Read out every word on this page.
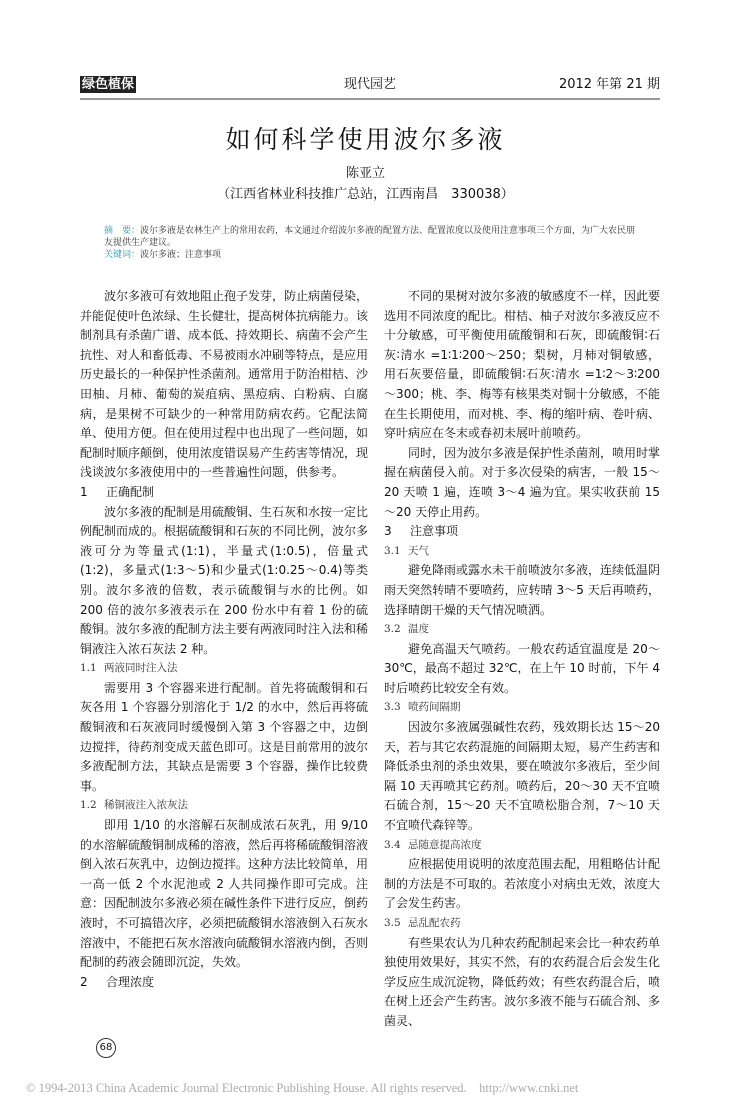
绿色植保	现代园艺	2012 年第 21 期
如何科学使用波尔多液
陈亚立
（江西省林业科技推广总站，江西南昌　330038）
摘　要：波尔多液是农林生产上的常用农药，本文通过介绍波尔多液的配置方法、配置浓度以及使用注意事项三个方面，为广大农民朋友提供生产建议。
关键词：波尔多液；注意事项

波尔多液可有效地阻止孢子发芽，防止病菌侵染，并能促使叶色浓绿、生长健壮，提高树体抗病能力。该制剂具有杀菌广谱、成本低、持效期长、病菌不会产生抗性、对人和畜低毒、不易被雨水冲刷等特点，是应用历史最长的一种保护性杀菌剂。通常用于防治柑桔、沙田柚、月柿、葡萄的炭疽病、黑痘病、白粉病、白腐病，是果树不可缺少的一种常用防病农药。它配法简单、使用方便。但在使用过程中也出现了一些问题，如配制时顺序颠倒，使用浓度错误易产生药害等情况，现浅谈波尔多液使用中的一些普遍性问题，供参考。

1 正确配制

波尔多液的配制是用硫酸铜、生石灰和水按一定比例配制而成的。根据硫酸铜和石灰的不同比例，波尔多液可分为等量式(1:1)，半量式(1:0.5)，倍量式(1:2)，多量式(1:3～5)和少量式(1:0.25～0.4)等类别。波尔多液的倍数，表示硫酸铜与水的比例。如 200 倍的波尔多液表示在 200 份水中有着 1 份的硫酸铜。波尔多液的配制方法主要有两液同时注入法和稀铜液注入浓石灰法 2 种。

1.1 两液同时注入法

需要用 3 个容器来进行配制。首先将硫酸铜和石灰各用 1 个容器分别溶化于 1/2 的水中，然后再将硫酸铜液和石灰液同时缓慢倒入第 3 个容器之中，边倒边搅拌，待药剂变成天蓝色即可。这是目前常用的波尔多液配制方法，其缺点是需要 3 个容器，操作比较费事。

1.2 稀铜液注入浓灰法

即用 1/10 的水溶解石灰制成浓石灰乳，用 9/10 的水溶解硫酸铜制成稀的溶液，然后再将稀硫酸铜溶液倒入浓石灰乳中，边倒边搅拌。这种方法比较简单，用一高一低 2 个水泥池或 2 人共同操作即可完成。注意：因配制波尔多液必须在碱性条件下进行反应，倒药液时，不可搞错次序，必须把硫酸铜水溶液倒入石灰水溶液中，不能把石灰水溶液向硫酸铜水溶液内倒，否则配制的药液会随即沉淀，失效。

2 合理浓度

不同的果树对波尔多液的敏感度不一样，因此要选用不同浓度的配比。柑桔、柚子对波尔多液反应不十分敏感，可平衡使用硫酸铜和石灰，即硫酸铜∶石灰∶清水 =1∶1∶200～250；梨树，月柿对铜敏感，用石灰要倍量，即硫酸铜∶石灰∶清水 =1∶2～3∶200～300；桃、李、梅等有核果类对铜十分敏感，不能在生长期使用，而对桃、李、梅的缩叶病、卷叶病、穿叶病应在冬末或春初未展叶前喷药。

同时，因为波尔多液是保护性杀菌剂，喷用时掌握在病菌侵入前。对于多次侵染的病害，一般 15～20 天喷 1 遍，连喷 3～4 遍为宜。果实收获前 15～20 天停止用药。

3 注意事项
3.1 天气

避免降雨或露水未干前喷波尔多液，连续低温阴雨天突然转晴不要喷药，应转晴 3～5 天后再喷药，选择晴朗干燥的天气情况喷洒。

3.2 温度

避免高温天气喷药。一般农药适宜温度是 20～30℃，最高不超过 32℃，在上午 10 时前，下午 4 时后喷药比较安全有效。

3.3 喷药间隔期

因波尔多液属强碱性农药，残效期长达 15～20 天，若与其它农药混施的间隔期太短，易产生药害和降低杀虫剂的杀虫效果，要在喷波尔多液后，至少间隔 10 天再喷其它药剂。喷药后，20～30 天不宜喷石硫合剂，15～20 天不宜喷松脂合剂，7～10 天不宜喷代森锌等。

3.4 忌随意提高浓度

应根据使用说明的浓度范围去配，用粗略估计配制的方法是不可取的。若浓度小对病虫无效，浓度大了会发生药害。

3.5 忌乱配农药

有些果农认为几种农药配制起来会比一种农药单独使用效果好，其实不然，有的农药混合后会发生化学反应生成沉淀物，降低药效；有些农药混合后，喷在树上还会产生药害。波尔多液不能与石硫合剂、多菌灵、

68
© 1994-2013 China Academic Journal Electronic Publishing House. All rights reserved.    http://www.cnki.net
